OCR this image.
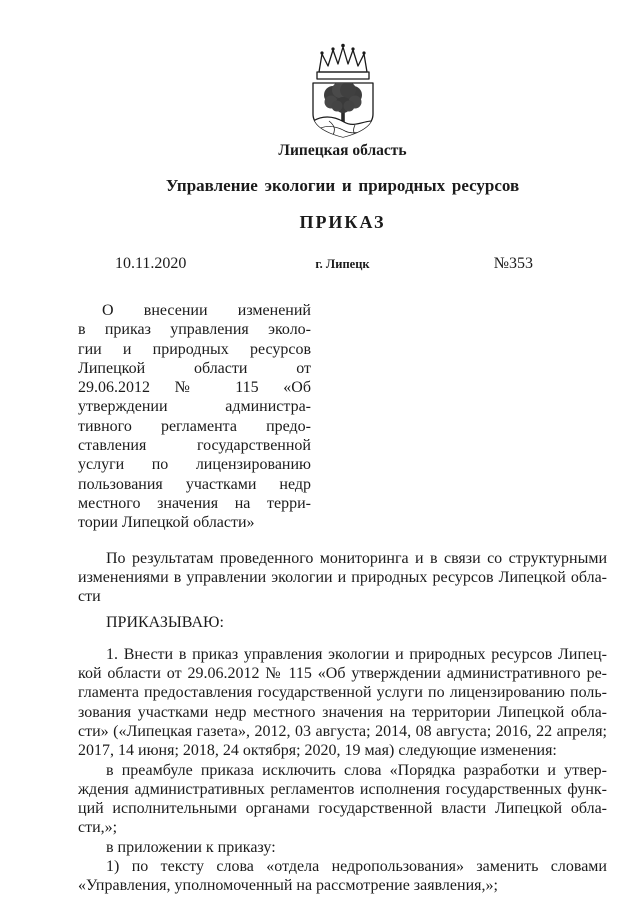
Липецкая область
Управление экологии и природных ресурсов
ПРИКАЗ
10.11.2020	г. Липецк	№353
О внесении изменений
в приказ управления эколо-
гии и природных ресурсов
Липецкой области от
29.06.2012 № 115 «Об
утверждении администра-
тивного регламента предо-
ставления государственной
услуги по лицензированию
пользования участками недр
местного значения на терри-
тории Липецкой области»
По результатам проведенного мониторинга и в связи со структурными
изменениями в управлении экологии и природных ресурсов Липецкой обла-
сти
ПРИКАЗЫВАЮ:
1. Внести в приказ управления экологии и природных ресурсов Липец-
кой области от 29.06.2012 № 115 «Об утверждении административного ре-
гламента предоставления государственной услуги по лицензированию поль-
зования участками недр местного значения на территории Липецкой обла-
сти» («Липецкая газета», 2012, 03 августа; 2014, 08 августа; 2016, 22 апреля;
2017, 14 июня; 2018, 24 октября; 2020, 19 мая) следующие изменения:
в преамбуле приказа исключить слова «Порядка разработки и утвер-
ждения административных регламентов исполнения государственных функ-
ций исполнительными органами государственной власти Липецкой обла-
сти,»;
в приложении к приказу:
1) по тексту слова «отдела недропользования» заменить словами
«Управления, уполномоченный на рассмотрение заявления,»;
